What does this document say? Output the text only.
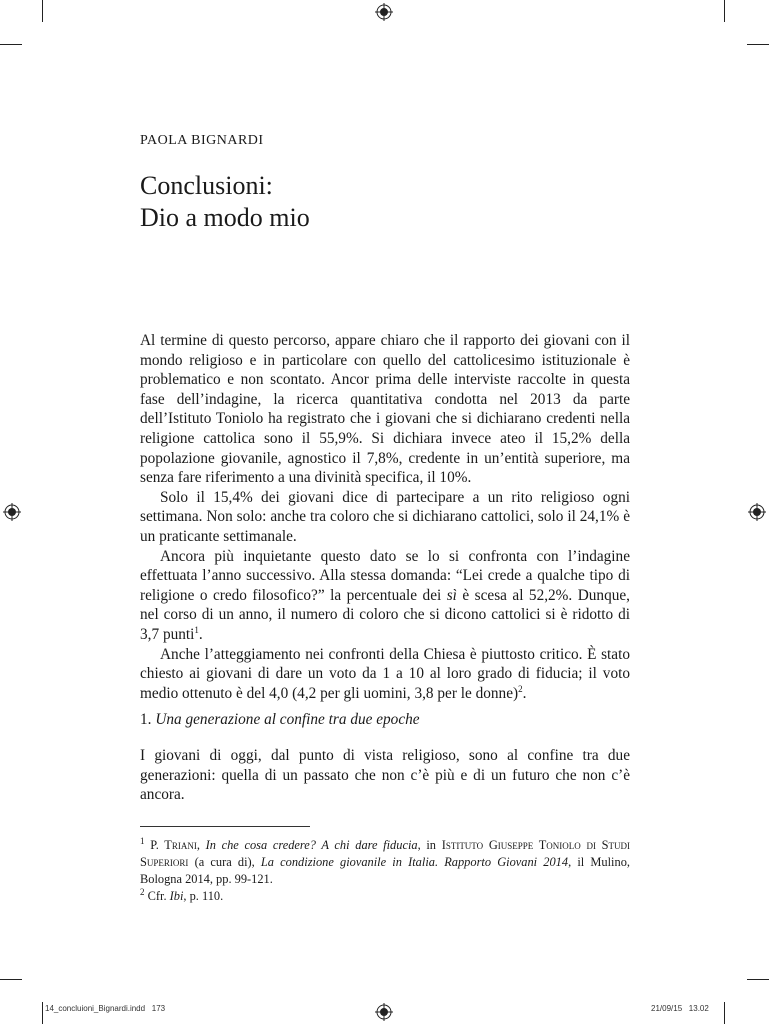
PAOLA BIGNARDI
Conclusioni:
Dio a modo mio

Al termine di questo percorso, appare chiaro che il rapporto dei giovani con il mondo religioso e in particolare con quello del cattolicesimo istituzionale è problematico e non scontato. Ancor prima delle interviste raccolte in questa fase dell’indagine, la ricerca quantitativa condotta nel 2013 da parte dell’Istituto Toniolo ha registrato che i giovani che si dichiarano credenti nella religione cattolica sono il 55,9%. Si dichiara invece ateo il 15,2% della popolazione giovanile, agnostico il 7,8%, credente in un’entità superiore, ma senza fare riferimento a una divinità specifica, il 10%.

Solo il 15,4% dei giovani dice di partecipare a un rito religioso ogni settimana. Non solo: anche tra coloro che si dichiarano cattolici, solo il 24,1% è un praticante settimanale.

Ancora più inquietante questo dato se lo si confronta con l’indagine effettuata l’anno successivo. Alla stessa domanda: “Lei crede a qualche tipo di religione o credo filosofico?” la percentuale dei sì è scesa al 52,2%. Dunque, nel corso di un anno, il numero di coloro che si dicono cattolici si è ridotto di 3,7 punti$^1$.

Anche l’atteggiamento nei confronti della Chiesa è piuttosto critico. È stato chiesto ai giovani di dare un voto da 1 a 10 al loro grado di fiducia; il voto medio ottenuto è del 4,0 (4,2 per gli uomini, 3,8 per le donne)$^2$.

1. Una generazione al confine tra due epoche

I giovani di oggi, dal punto di vista religioso, sono al confine tra due generazioni: quella di un passato che non c’è più e di un futuro che non c’è ancora.

$^1$ P. Triani, In che cosa credere? A chi dare fiducia, in Istituto Giuseppe Toniolo di Studi Superiori (a cura di), La condizione giovanile in Italia. Rapporto Giovani 2014, il Mulino, Bologna 2014, pp. 99-121.

$^2$ Cfr. Ibi, p. 110.

14_concluioni_Bignardi.indd   173	21/09/15   13.02
